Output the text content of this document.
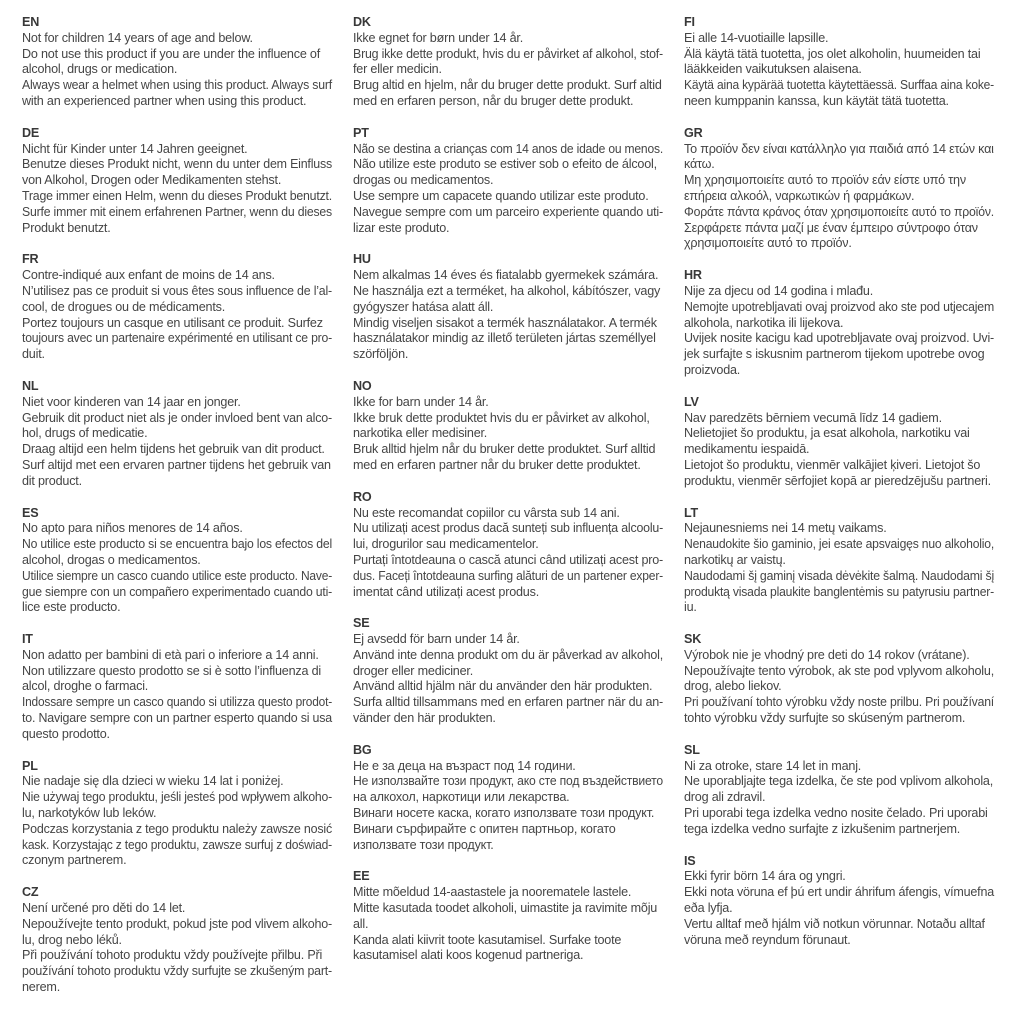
EN
Not for children 14 years of age and below.
Do not use this product if you are under the influence of
alcohol, drugs or medication.
Always wear a helmet when using this product. Always surf
with an experienced partner when using this product.
DE
Nicht für Kinder unter 14 Jahren geeignet.
Benutze dieses Produkt nicht, wenn du unter dem Einfluss
von Alkohol, Drogen oder Medikamenten stehst.
Trage immer einen Helm, wenn du dieses Produkt benutzt.
Surfe immer mit einem erfahrenen Partner, wenn du dieses
Produkt benutzt.
FR
Contre-indiqué aux enfant de moins de 14 ans.
N’utilisez pas ce produit si vous êtes sous influence de l’al-
cool, de drogues ou de médicaments.
Portez toujours un casque en utilisant ce produit. Surfez
toujours avec un partenaire expérimenté en utilisant ce pro-
duit.
NL
Niet voor kinderen van 14 jaar en jonger.
Gebruik dit product niet als je onder invloed bent van alco-
hol, drugs of medicatie.
Draag altijd een helm tijdens het gebruik van dit product.
Surf altijd met een ervaren partner tijdens het gebruik van
dit product.
ES
No apto para niños menores de 14 años.
No utilice este producto si se encuentra bajo los efectos del
alcohol, drogas o medicamentos.
Utilice siempre un casco cuando utilice este producto. Nave-
gue siempre con un compañero experimentado cuando uti-
lice este producto.
IT
Non adatto per bambini di età pari o inferiore a 14 anni.
Non utilizzare questo prodotto se si è sotto l’influenza di
alcol, droghe o farmaci.
Indossare sempre un casco quando si utilizza questo prodot-
to. Navigare sempre con un partner esperto quando si usa
questo prodotto.
PL
Nie nadaje się dla dzieci w wieku 14 lat i poniżej.
Nie używaj tego produktu, jeśli jesteś pod wpływem alkoho-
lu, narkotyków lub leków.
Podczas korzystania z tego produktu należy zawsze nosić
kask. Korzystając z tego produktu, zawsze surfuj z doświad-
czonym partnerem.
CZ
Není určené pro děti do 14 let.
Nepoužívejte tento produkt, pokud jste pod vlivem alkoho-
lu, drog nebo léků.
Při používání tohoto produktu vždy používejte přilbu. Při
používání tohoto produktu vždy surfujte se zkušeným part-
nerem.
DK
Ikke egnet for børn under 14 år.
Brug ikke dette produkt, hvis du er påvirket af alkohol, stof-
fer eller medicin.
Brug altid en hjelm, når du bruger dette produkt. Surf altid
med en erfaren person, når du bruger dette produkt.
PT
Não se destina a crianças com 14 anos de idade ou menos.
Não utilize este produto se estiver sob o efeito de álcool,
drogas ou medicamentos.
Use sempre um capacete quando utilizar este produto.
Navegue sempre com um parceiro experiente quando uti-
lizar este produto.
HU
Nem alkalmas 14 éves és fiatalabb gyermekek számára.
Ne használja ezt a terméket, ha alkohol, kábítószer, vagy
gyógyszer hatása alatt áll.
Mindig viseljen sisakot a termék használatakor. A termék
használatakor mindig az illető területen jártas személlyel
szörföljön.
NO
Ikke for barn under 14 år.
Ikke bruk dette produktet hvis du er påvirket av alkohol,
narkotika eller medisiner.
Bruk alltid hjelm når du bruker dette produktet. Surf alltid
med en erfaren partner når du bruker dette produktet.
RO
Nu este recomandat copiilor cu vârsta sub 14 ani.
Nu utilizați acest produs dacă sunteți sub influența alcoolu-
lui, drogurilor sau medicamentelor.
Purtați întotdeauna o cască atunci când utilizați acest pro-
dus. Faceți întotdeauna surfing alături de un partener exper-
imentat când utilizați acest produs.
SE
Ej avsedd för barn under 14 år.
Använd inte denna produkt om du är påverkad av alkohol,
droger eller mediciner.
Använd alltid hjälm när du använder den här produkten.
Surfa alltid tillsammans med en erfaren partner när du an-
vänder den här produkten.
BG
Не е за деца на възраст под 14 години.
Не използвайте този продукт, ако сте под въздействието
на алкохол, наркотици или лекарства.
Винаги носете каска, когато използвате този продукт.
Винаги сърфирайте с опитен партньор, когато
използвате този продукт.
EE
Mitte mõeldud 14-aastastele ja noorematele lastele.
Mitte kasutada toodet alkoholi, uimastite ja ravimite mõju
all.
Kanda alati kiivrit toote kasutamisel. Surfake toote
kasutamisel alati koos kogenud partneriga.
FI
Ei alle 14-vuotiaille lapsille.
Älä käytä tätä tuotetta, jos olet alkoholin, huumeiden tai
lääkkeiden vaikutuksen alaisena.
Käytä aina kypärää tuotetta käytettäessä. Surffaa aina koke-
neen kumppanin kanssa, kun käytät tätä tuotetta.
GR
Το προϊόν δεν είναι κατάλληλο για παιδιά από 14 ετών και
κάτω.
Μη χρησιμοποιείτε αυτό το προϊόν εάν είστε υπό την
επήρεια αλκοόλ, ναρκωτικών ή φαρμάκων.
Φοράτε πάντα κράνος όταν χρησιμοποιείτε αυτό το προϊόν.
Σερφάρετε πάντα μαζί με έναν έμπειρο σύντροφο όταν
χρησιμοποιείτε αυτό το προϊόν.
HR
Nije za djecu od 14 godina i mlađu.
Nemojte upotrebljavati ovaj proizvod ako ste pod utjecajem
alkohola, narkotika ili lijekova.
Uvijek nosite kacigu kad upotrebljavate ovaj proizvod. Uvi-
jek surfajte s iskusnim partnerom tijekom upotrebe ovog
proizvoda.
LV
Nav paredzēts bērniem vecumā līdz 14 gadiem.
Nelietojiet šo produktu, ja esat alkohola, narkotiku vai
medikamentu iespaidā.
Lietojot šo produktu, vienmēr valkājiet ķiveri. Lietojot šo
produktu, vienmēr sērfojiet kopā ar pieredzējušu partneri.
LT
Nejaunesniems nei 14 metų vaikams.
Nenaudokite šio gaminio, jei esate apsvaigęs nuo alkoholio,
narkotikų ar vaistų.
Naudodami šį gaminį visada dėvėkite šalmą. Naudodami šį
produktą visada plaukite banglentėmis su patyrusiu partner-
iu.
SK
Výrobok nie je vhodný pre deti do 14 rokov (vrátane).
Nepoužívajte tento výrobok, ak ste pod vplyvom alkoholu,
drog, alebo liekov.
Pri používaní tohto výrobku vždy noste prilbu. Pri používaní
tohto výrobku vždy surfujte so skúseným partnerom.
SL
Ni za otroke, stare 14 let in manj.
Ne uporabljajte tega izdelka, če ste pod vplivom alkohola,
drog ali zdravil.
Pri uporabi tega izdelka vedno nosite čelado. Pri uporabi
tega izdelka vedno surfajte z izkušenim partnerjem.
IS
Ekki fyrir börn 14 ára og yngri.
Ekki nota vöruna ef þú ert undir áhrifum áfengis, vímuefna
eða lyfja.
Vertu alltaf með hjálm við notkun vörunnar. Notaðu alltaf
vöruna með reyndum förunaut.
